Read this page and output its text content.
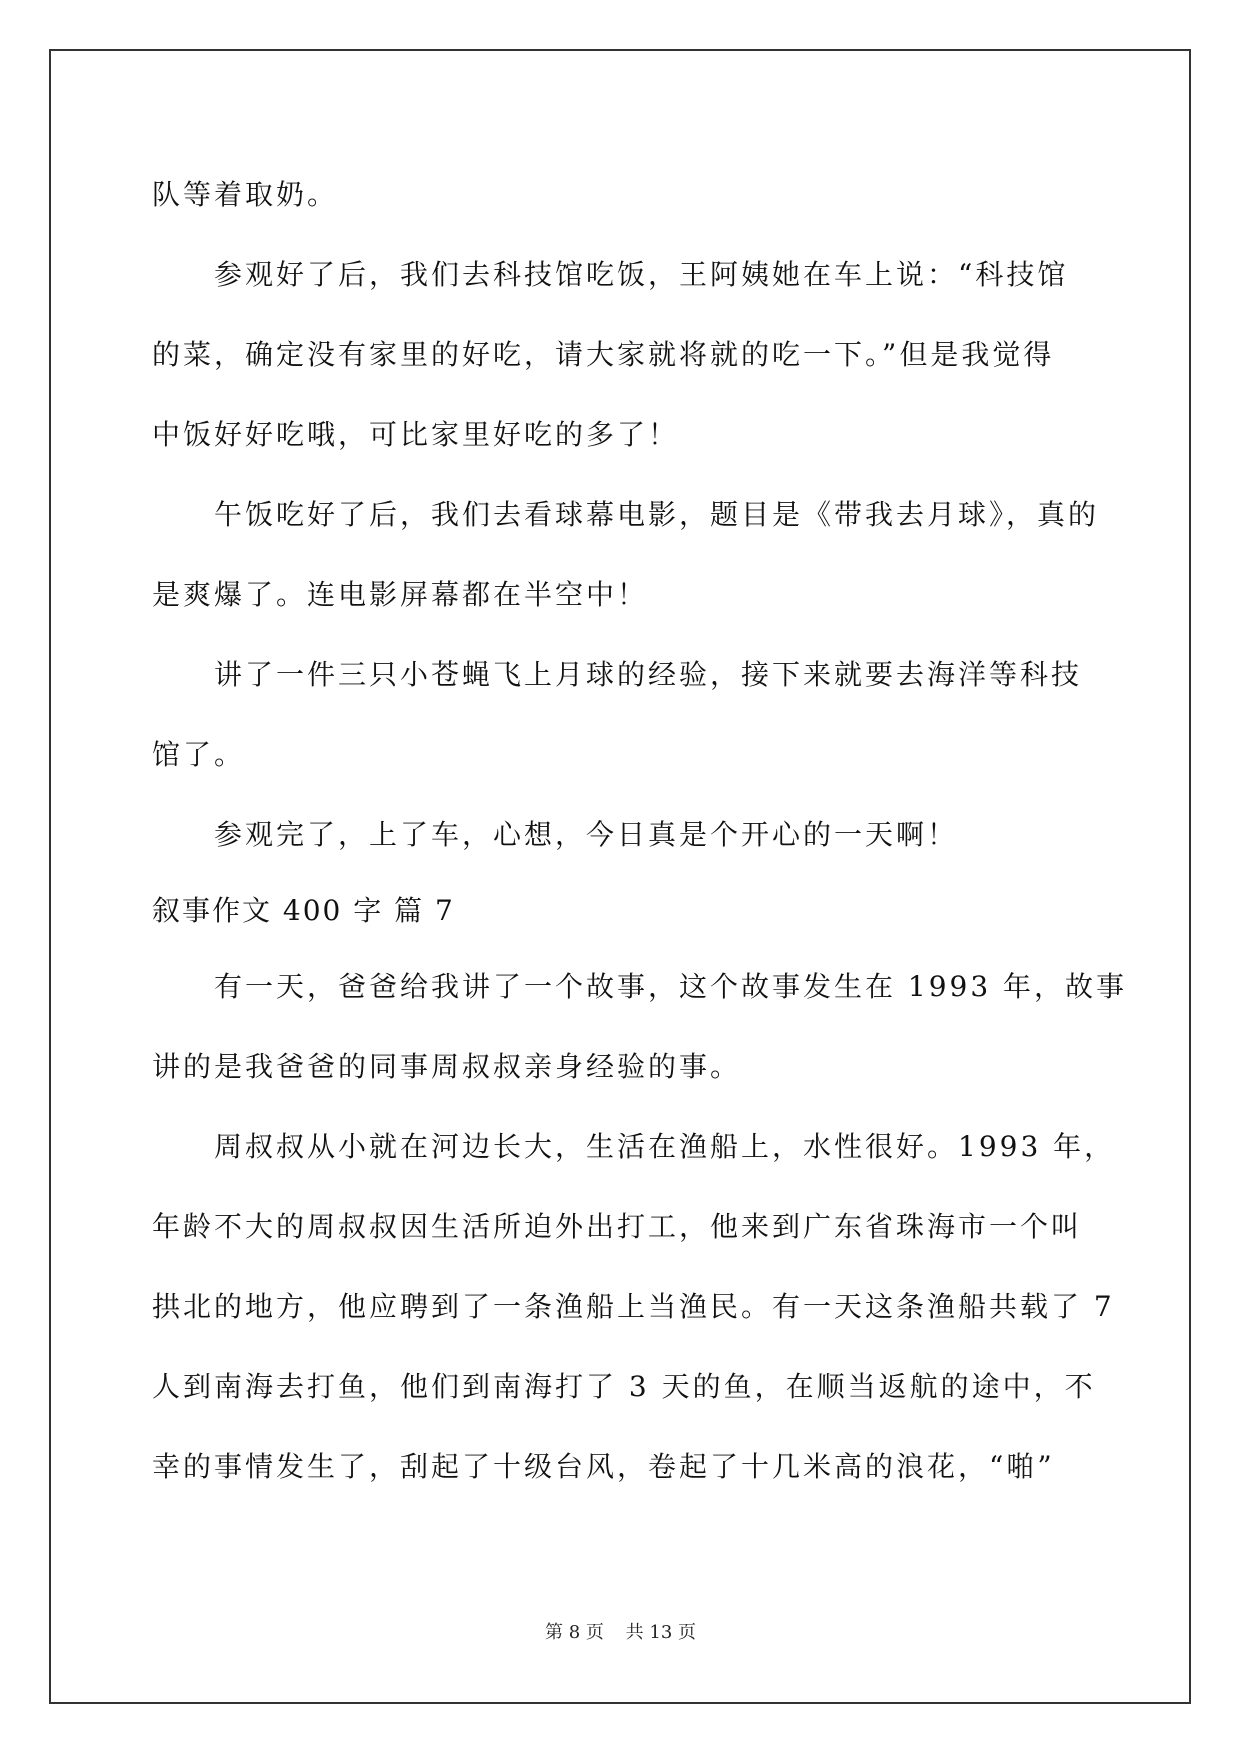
队等着取奶。
参观好了后，我们去科技馆吃饭，王阿姨她在车上说：“科技馆
的菜，确定没有家里的好吃，请大家就将就的吃一下。”但是我觉得
中饭好好吃哦，可比家里好吃的多了！
午饭吃好了后，我们去看球幕电影，题目是《带我去月球》，真的
是爽爆了。连电影屏幕都在半空中！
讲了一件三只小苍蝇飞上月球的经验，接下来就要去海洋等科技
馆了。
参观完了，上了车，心想，今日真是个开心的一天啊！
叙事作文 400 字 篇 7
有一天，爸爸给我讲了一个故事，这个故事发生在 1993 年，故事
讲的是我爸爸的同事周叔叔亲身经验的事。
周叔叔从小就在河边长大，生活在渔船上，水性很好。1993 年，
年龄不大的周叔叔因生活所迫外出打工，他来到广东省珠海市一个叫
拱北的地方，他应聘到了一条渔船上当渔民。有一天这条渔船共载了 7
人到南海去打鱼，他们到南海打了 3 天的鱼，在顺当返航的途中，不
幸的事情发生了，刮起了十级台风，卷起了十几米高的浪花，“啪”
第 8 页 共 13 页
